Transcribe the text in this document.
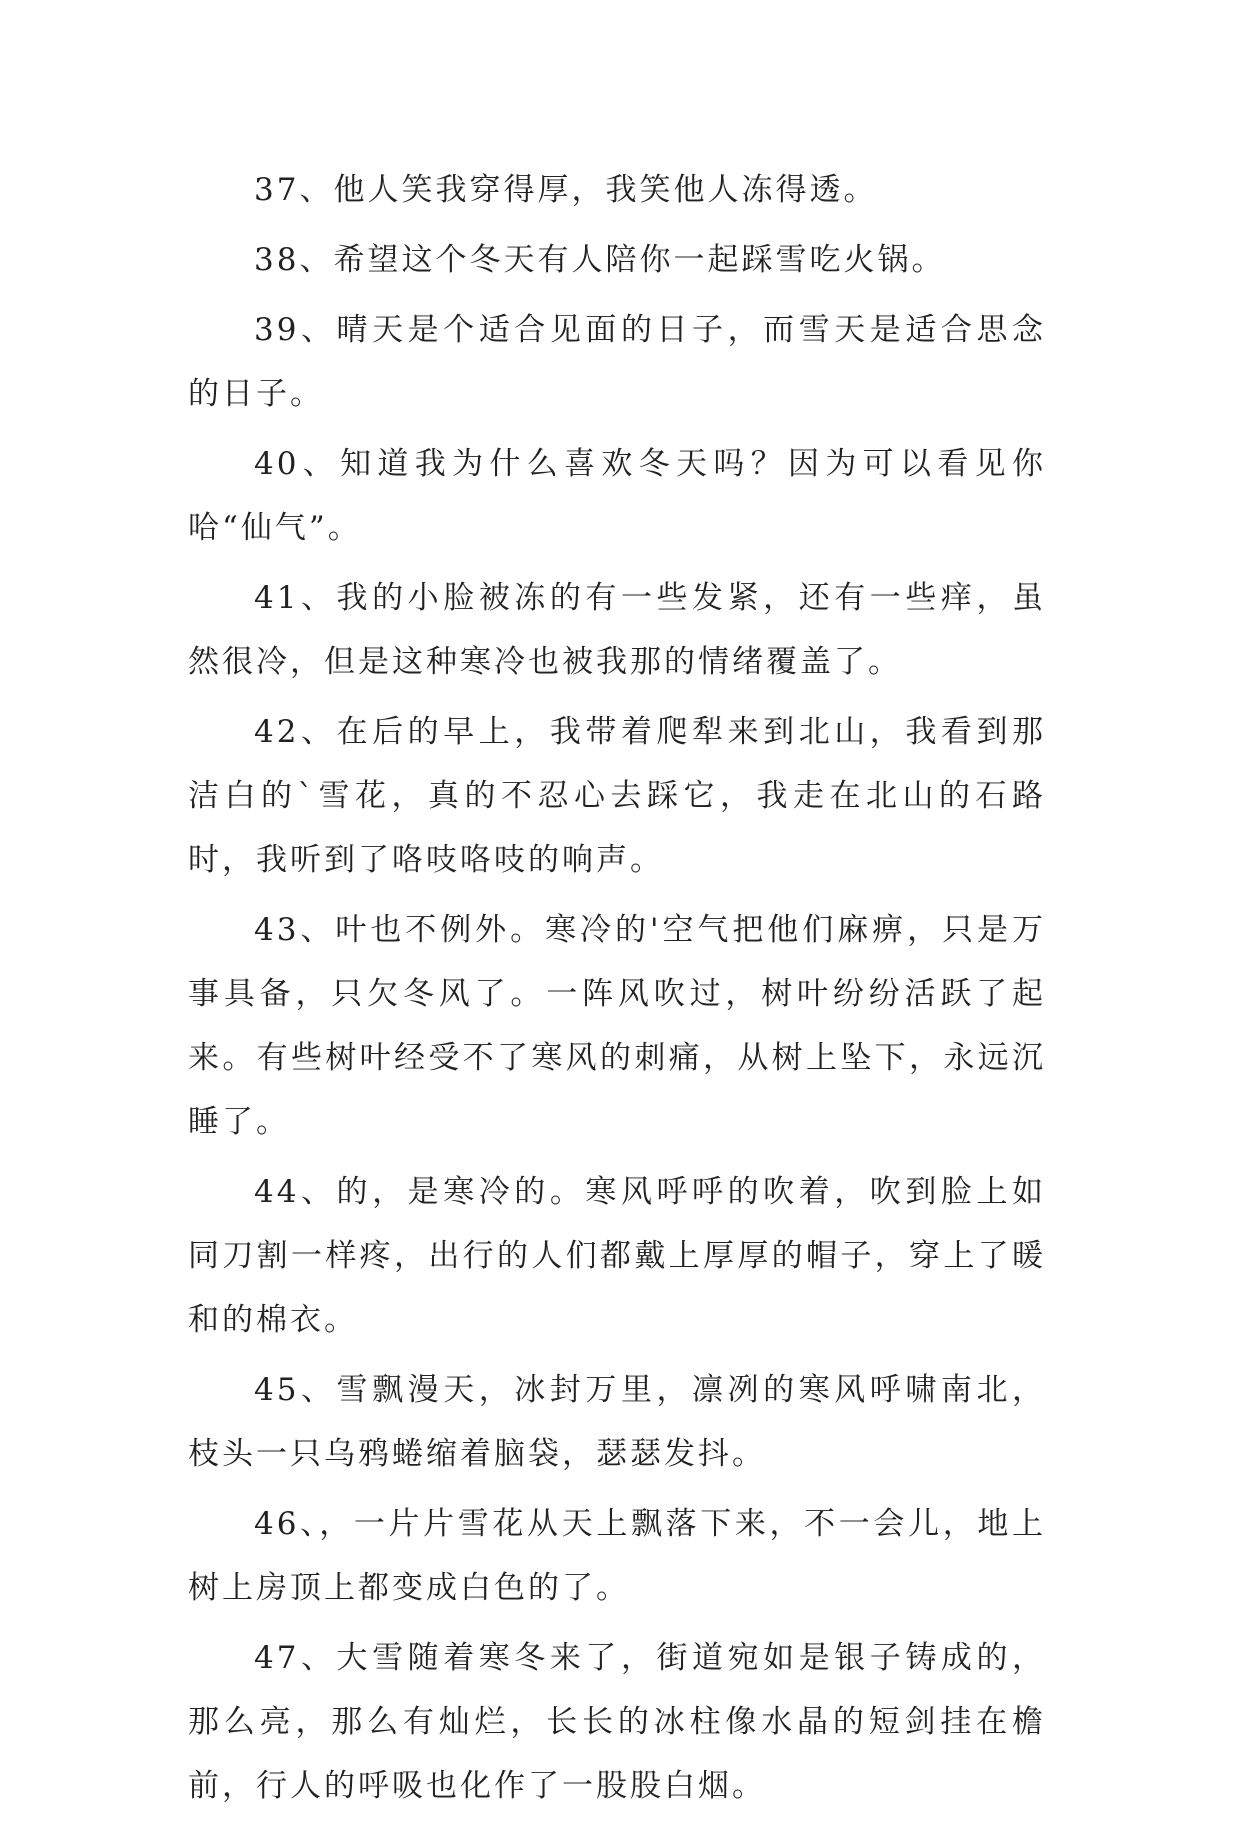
37、他人笑我穿得厚，我笑他人冻得透。

38、希望这个冬天有人陪你一起踩雪吃火锅。

39、晴天是个适合见面的日子，而雪天是适合思念的日子。

40、知道我为什么喜欢冬天吗？因为可以看见你哈“仙气”。

41、我的小脸被冻的有一些发紧，还有一些痒，虽然很冷，但是这种寒冷也被我那的情绪覆盖了。

42、在后的早上，我带着爬犁来到北山，我看到那洁白的`雪花，真的不忍心去踩它，我走在北山的石路时，我听到了咯吱咯吱的响声。

43、叶也不例外。寒冷的'空气把他们麻痹，只是万事具备，只欠冬风了。一阵风吹过，树叶纷纷活跃了起来。有些树叶经受不了寒风的刺痛，从树上坠下，永远沉睡了。

44、的，是寒冷的。寒风呼呼的吹着，吹到脸上如同刀割一样疼，出行的人们都戴上厚厚的帽子，穿上了暖和的棉衣。

45、雪飘漫天，冰封万里，凛冽的寒风呼啸南北，枝头一只乌鸦蜷缩着脑袋，瑟瑟发抖。

46、，一片片雪花从天上飘落下来，不一会儿，地上树上房顶上都变成白色的了。

47、大雪随着寒冬来了，街道宛如是银子铸成的，那么亮，那么有灿烂，长长的冰柱像水晶的短剑挂在檐前，行人的呼吸也化作了一股股白烟。
